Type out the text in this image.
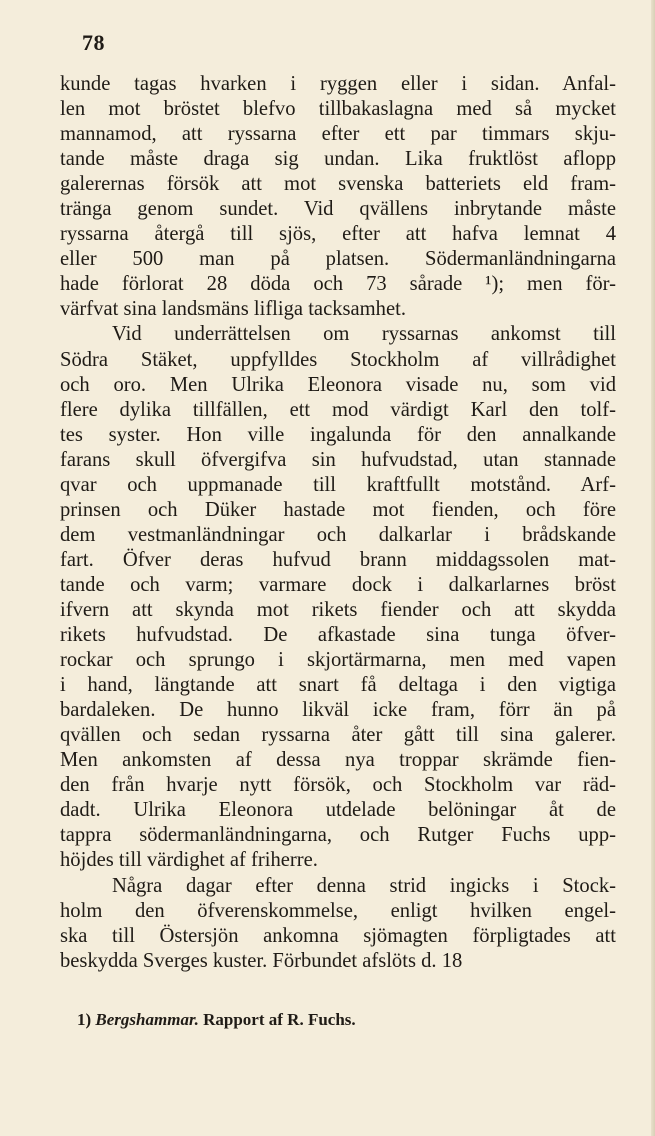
78
kunde tagas hvarken i ryggen eller i sidan. Anfal-
len mot bröstet blefvo tillbakaslagna med så mycket
mannamod, att ryssarna efter ett par timmars skju-
tande måste draga sig undan. Lika fruktlöst aflopp
galerernas försök att mot svenska batteriets eld fram-
tränga genom sundet. Vid qvällens inbrytande måste
ryssarna återgå till sjös, efter att hafva lemnat 4
eller 500 man på platsen. Södermanländningarna
hade förlorat 28 döda och 73 sårade ¹); men för-
värfvat sina landsmäns lifliga tacksamhet.
Vid underrättelsen om ryssarnas ankomst till
Södra Stäket, uppfylldes Stockholm af villrådighet
och oro. Men Ulrika Eleonora visade nu, som vid
flere dylika tillfällen, ett mod värdigt Karl den tolf-
tes syster. Hon ville ingalunda för den annalkande
farans skull öfvergifva sin hufvudstad, utan stannade
qvar och uppmanade till kraftfullt motstånd. Arf-
prinsen och Düker hastade mot fienden, och före
dem vestmanländningar och dalkarlar i brådskande
fart. Öfver deras hufvud brann middagssolen mat-
tande och varm; varmare dock i dalkarlarnes bröst
ifvern att skynda mot rikets fiender och att skydda
rikets hufvudstad. De afkastade sina tunga öfver-
rockar och sprungo i skjortärmarna, men med vapen
i hand, längtande att snart få deltaga i den vigtiga
bardaleken. De hunno likväl icke fram, förr än på
qvällen och sedan ryssarna åter gått till sina galerer.
Men ankomsten af dessa nya troppar skrämde fien-
den från hvarje nytt försök, och Stockholm var räd-
dadt. Ulrika Eleonora utdelade belöningar åt de
tappra södermanländningarna, och Rutger Fuchs upp-
höjdes till värdighet af friherre.
Några dagar efter denna strid ingicks i Stock-
holm den öfverenskommelse, enligt hvilken engel-
ska till Östersjön ankomna sjömagten förpligtades att
beskydda Sverges kuster. Förbundet afslöts d. 18
1) Bergshammar. Rapport af R. Fuchs.
